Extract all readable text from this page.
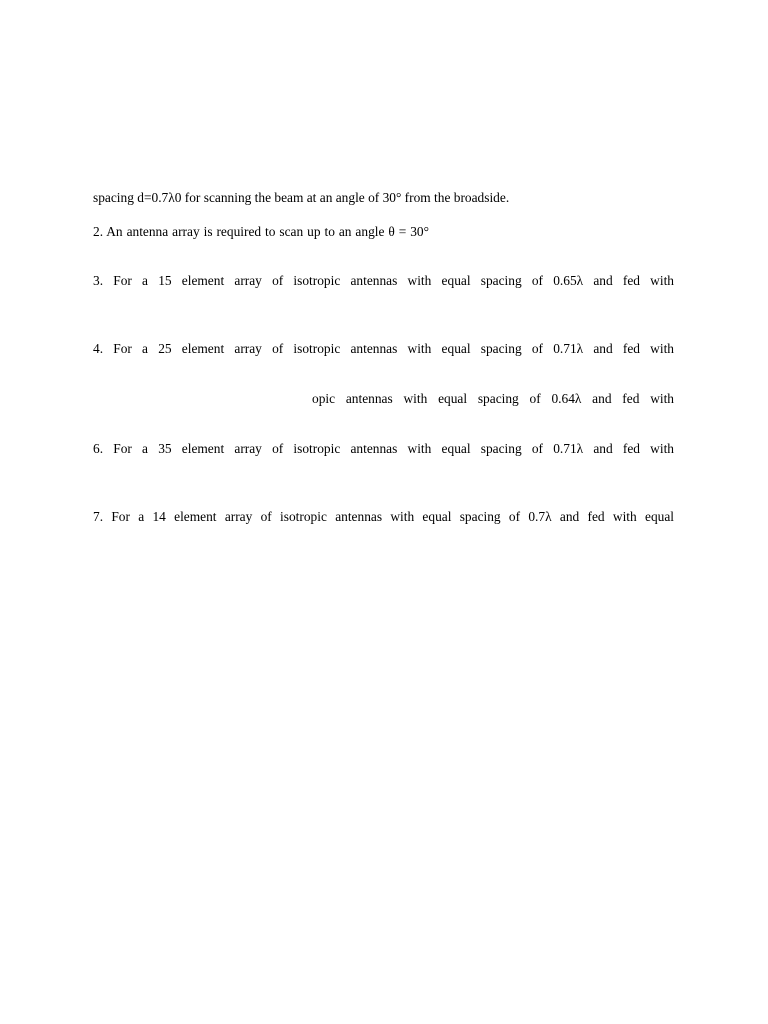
spacing d=0.7λ0 for scanning the beam at an angle of 30° from the broadside.
2. An antenna array is required to scan up to an angle θ = 30°
3. For a 15 element array of isotropic antennas with equal spacing of 0.65λ and fed with
4. For a 25 element array of isotropic antennas with equal spacing of 0.71λ and fed with
opic antennas with equal spacing of 0.64λ and fed with
6. For a 35 element array of isotropic antennas with equal spacing of 0.71λ and fed with
7. For a 14 element array of isotropic antennas with equal spacing of 0.7λ and fed with equal
